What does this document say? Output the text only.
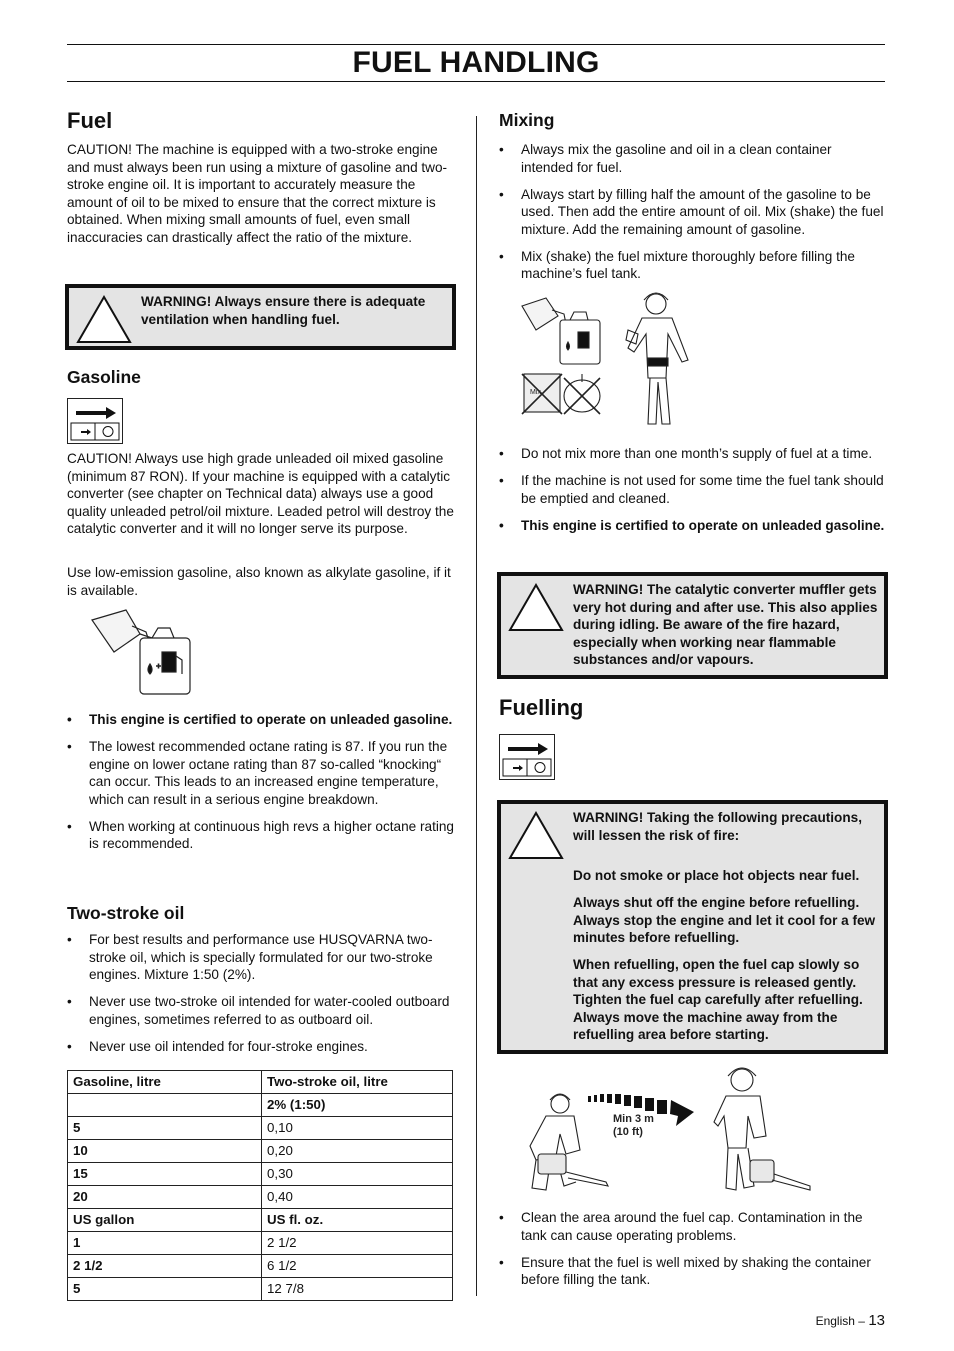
FUEL HANDLING
Fuel

CAUTION! The machine is equipped with a two-stroke engine and must always been run using a mixture of gasoline and two-stroke engine oil. It is important to accurately measure the amount of oil to be mixed to ensure that the correct mixture is obtained. When mixing small amounts of fuel, even small inaccuracies can drastically affect the ratio of the mixture.

WARNING! Always ensure there is adequate ventilation when handling fuel.
Gasoline

CAUTION! Always use high grade unleaded oil mixed gasoline (minimum 87 RON). If your machine is equipped with a catalytic converter (see chapter on Technical data) always use a good quality unleaded petrol/oil mixture. Leaded petrol will destroy the catalytic converter and it will no longer serve its purpose.

Use low-emission gasoline, also known as alkylate gasoline, if it is available.

• This engine is certified to operate on unleaded gasoline.
• The lowest recommended octane rating is 87. If you run the engine on lower octane rating than 87 so-called “knocking“ can occur. This leads to an increased engine temperature, which can result in a serious engine breakdown.
• When working at continuous high revs a higher octane rating is recommended.
Two-stroke oil
• For best results and performance use HUSQVARNA two-stroke oil, which is specially formulated for our two-stroke engines. Mixture 1:50 (2%).
• Never use two-stroke oil intended for water-cooled outboard engines, sometimes referred to as outboard oil.
• Never use oil intended for four-stroke engines.
Gasoline, litre	Two-stroke oil, litre
	2% (1:50)
5	0,10
10	0,20
15	0,30
20	0,40
US gallon	US fl. oz.
1	2 1/2
2 1/2	6 1/2
5	12 7/8
Mixing
• Always mix the gasoline and oil in a clean container intended for fuel.
• Always start by filling half the amount of the gasoline to be used. Then add the entire amount of oil. Mix (shake) the fuel mixture. Add the remaining amount of gasoline.
• Mix (shake) the fuel mixture thoroughly before filling the machine’s fuel tank.
Mix
• Do not mix more than one month’s supply of fuel at a time.
• If the machine is not used for some time the fuel tank should be emptied and cleaned.
• This engine is certified to operate on unleaded gasoline.
WARNING! The catalytic converter muffler gets very hot during and after use. This also applies during idling. Be aware of the fire hazard, especially when working near flammable substances and/or vapours.
Fuelling

WARNING! Taking the following precautions, will lessen the risk of fire:

Do not smoke or place hot objects near fuel.

Always shut off the engine before refuelling. Always stop the engine and let it cool for a few minutes before refuelling.

When refuelling, open the fuel cap slowly so that any excess pressure is released gently. Tighten the fuel cap carefully after refuelling. Always move the machine away from the refuelling area before starting.

Min 3 m
(10 ft)
• Clean the area around the fuel cap. Contamination in the tank can cause operating problems.
• Ensure that the fuel is well mixed by shaking the container before filling the tank.
English – 13
